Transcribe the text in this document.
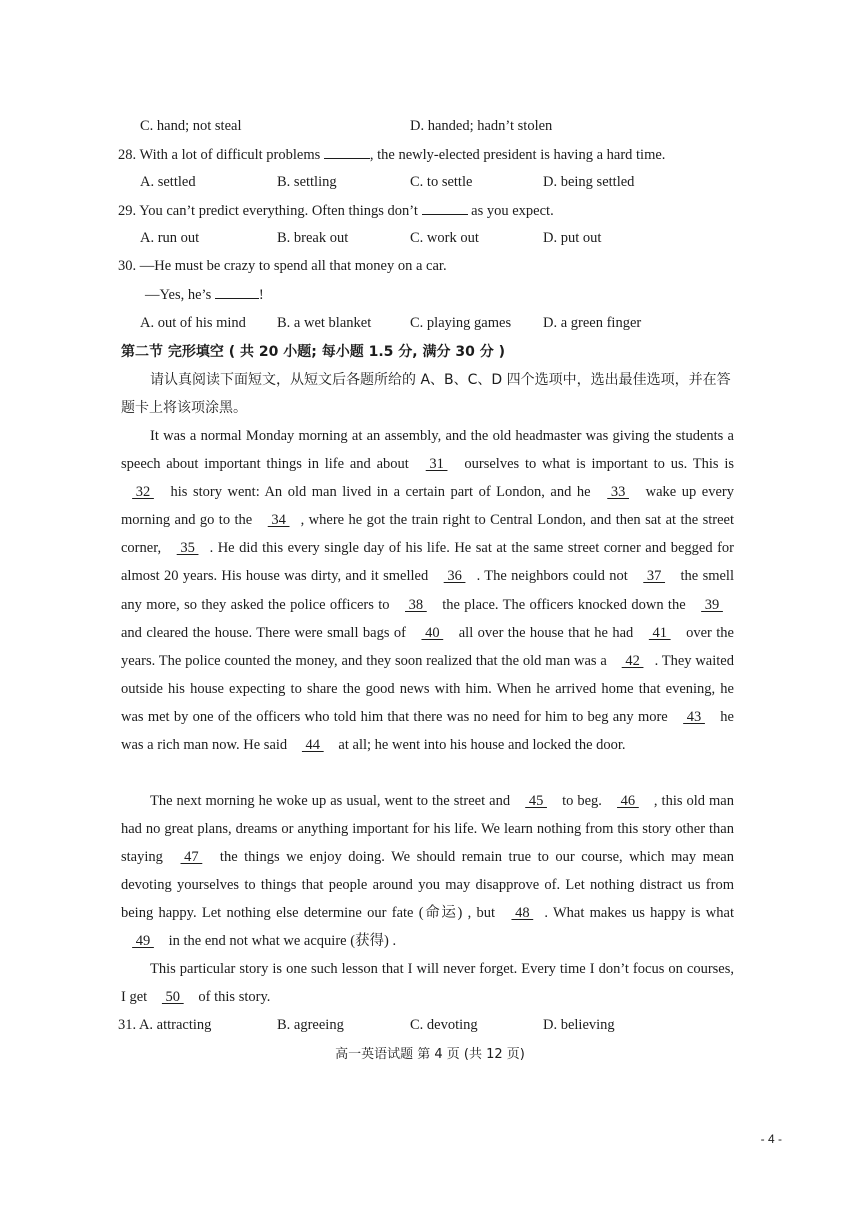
C. hand; not steal	D. handed; hadn’t stolen
28. With a lot of difficult problems	, the newly-elected president is having a hard time.
A. settled	B. settling	C. to settle	D. being settled
29. You can’t predict everything. Often things don’t	as you expect.
A. run out	B. break out	C. work out	D. put out
30. —He must be crazy to spend all that money on a car.
—Yes, he’s	!
A. out of his mind B. a wet blanket	C. playing games D. a green finger
第二节 完形填空 ( 共 20 小题; 每小题 1.5 分, 满分 30 分 )
请认真阅读下面短文，从短文后各题所给的 A、B、C、D 四个选项中，选出最佳选项，并在答题卡上将该项涂黑。
It was a normal Monday morning at an assembly, and the old headmaster was giving the students a speech about important things in life and about  31  ourselves to what is important to us. This is  32  his story went: An old man lived in a certain part of London, and he  33  wake up every morning and go to the  34 , where he got the train right to Central London, and then sat at the street corner,  35 . He did this every single day of his life. He sat at the same street corner and begged for almost 20 years. His house was dirty, and it smelled  36 . The neighbors could not  37  the smell any more, so they asked the police officers to  38  the place. The officers knocked down the  39  and cleared the house. There were small bags of  40  all over the house that he had  41  over the years. The police counted the money, and they soon realized that the old man was a  42 . They waited outside his house expecting to share the good news with him. When he arrived home that evening, he was met by one of the officers who told him that there was no need for him to beg any more  43  he was a rich man now. He said  44  at all; he went into his house and locked the door.
The next morning he woke up as usual, went to the street and  45  to beg.  46  , this old man had no great plans, dreams or anything important for his life. We learn nothing from this story other than staying  47  the things we enjoy doing. We should remain true to our course, which may mean devoting yourselves to things that people around you may disapprove of. Let nothing distract us from being happy. Let nothing else determine our fate (命运) , but  48 . What makes us happy is what  49  in the end not what we acquire (获得) .
This particular story is one such lesson that I will never forget. Every time I don’t focus on courses, I get  50  of this story.
31. A. attracting	B. agreeing	C. devoting	D. believing
高一英语试题 第 4 页 (共 12 页)
- 4 -
